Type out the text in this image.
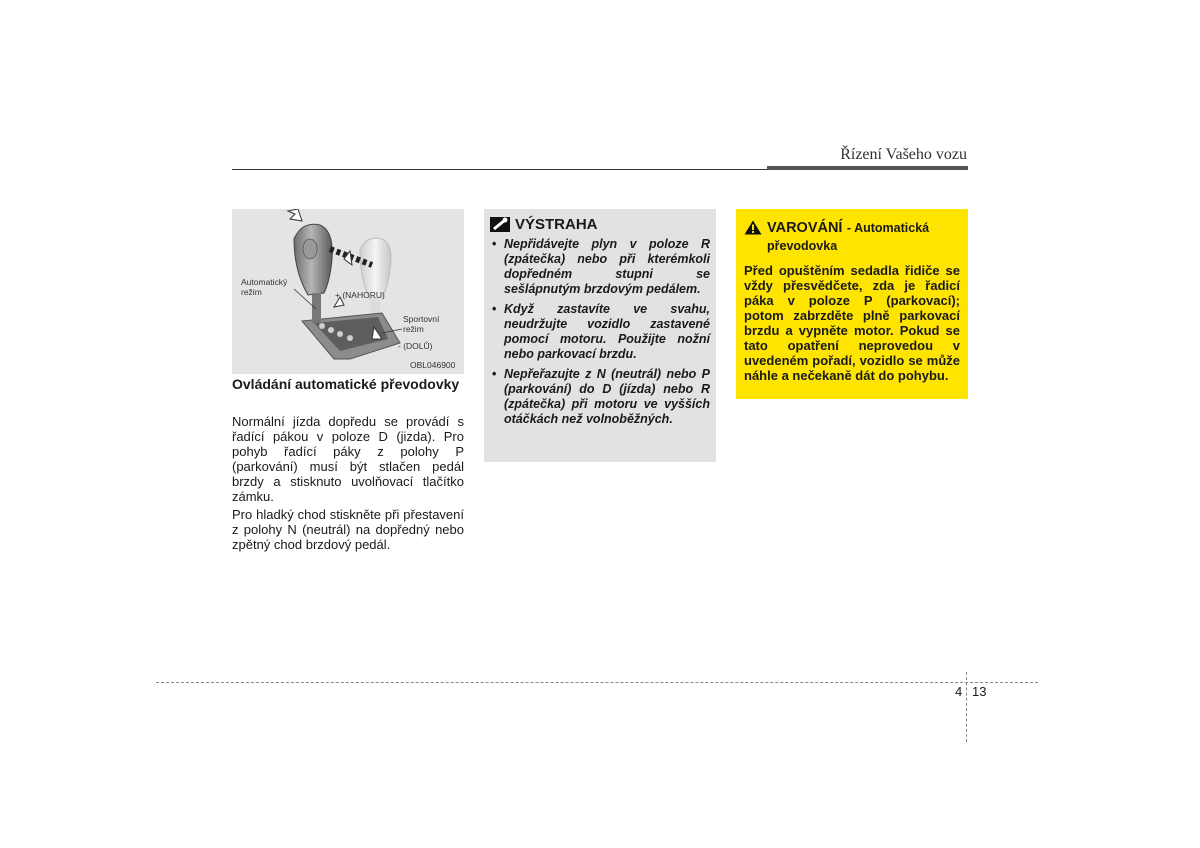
Řízení Vašeho vozu
Automatický
režim	+ (NAHORU)
Sportovní
režim
- (DOLŮ)
OBL046900
Ovládání automatické převodovky

Normální jízda dopředu se provádí s řadící pákou v poloze D (jizda). Pro pohyb řadící páky z polohy P (parkování) musí být stlačen pedál brzdy a stisknuto uvolňovací tlačítko zámku.

Pro hladký chod stiskněte při přestavení z polohy N (neutrál) na dopředný nebo zpětný chod brzdový pedál.

VÝSTRAHA
• Nepřidávejte plyn v poloze R (zpátečka) nebo při kterémkoli dopředném stupni se sešlápnutým brzdovým pedálem.
• Když zastavíte ve svahu, neudržujte vozidlo zastavené pomocí motoru. Použijte nožní nebo parkovací brzdu.
• Nepřeřazujte z N (neutrál) nebo P (parkování) do D (jízda) nebo R (zpátečka) při motoru ve vyšších otáčkách než volnoběžných.
VAROVÁNÍ - Automatická převodovka

Před opuštěním sedadla řidiče se vždy přesvědčete, zda je řadicí páka v poloze P (parkovací); potom zabrzděte plně parkovací brzdu a vypněte motor. Pokud se tato opatření neprovedou v uvedeném pořadí, vozidlo se může náhle a nečekaně dát do pohybu.

4 13
